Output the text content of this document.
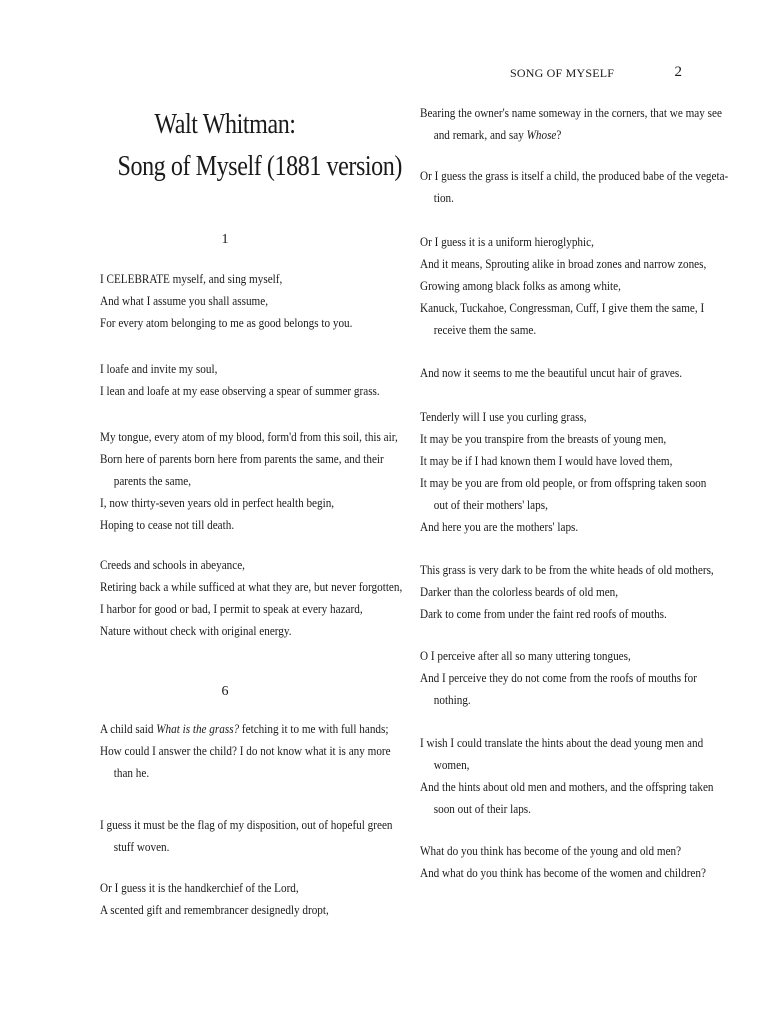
SONG OF MYSELF	2
Walt Whitman:
Song of Myself (1881 version)
1
I CELEBRATE myself, and sing myself,
And what I assume you shall assume,
For every atom belonging to me as good belongs to you.
I loafe and invite my soul,
I lean and loafe at my ease observing a spear of summer grass.
My tongue, every atom of my blood, form'd from this soil, this air,
Born here of parents born here from parents the same, and their
parents the same,
I, now thirty-seven years old in perfect health begin,
Hoping to cease not till death.
Creeds and schools in abeyance,
Retiring back a while sufficed at what they are, but never forgotten,
I harbor for good or bad, I permit to speak at every hazard,
Nature without check with original energy.
6
A child said What is the grass? fetching it to me with full hands;
How could I answer the child? I do not know what it is any more
than he.
I guess it must be the flag of my disposition, out of hopeful green
stuff woven.
Or I guess it is the handkerchief of the Lord,
A scented gift and remembrancer designedly dropt,
Bearing the owner's name someway in the corners, that we may see
and remark, and say Whose?
Or I guess the grass is itself a child, the produced babe of the vegeta-
tion.
Or I guess it is a uniform hieroglyphic,
And it means, Sprouting alike in broad zones and narrow zones,
Growing among black folks as among white,
Kanuck, Tuckahoe, Congressman, Cuff, I give them the same, I
receive them the same.
And now it seems to me the beautiful uncut hair of graves.
Tenderly will I use you curling grass,
It may be you transpire from the breasts of young men,
It may be if I had known them I would have loved them,
It may be you are from old people, or from offspring taken soon
out of their mothers' laps,
And here you are the mothers' laps.
This grass is very dark to be from the white heads of old mothers,
Darker than the colorless beards of old men,
Dark to come from under the faint red roofs of mouths.
O I perceive after all so many uttering tongues,
And I perceive they do not come from the roofs of mouths for
nothing.
I wish I could translate the hints about the dead young men and
women,
And the hints about old men and mothers, and the offspring taken
soon out of their laps.
What do you think has become of the young and old men?
And what do you think has become of the women and children?
